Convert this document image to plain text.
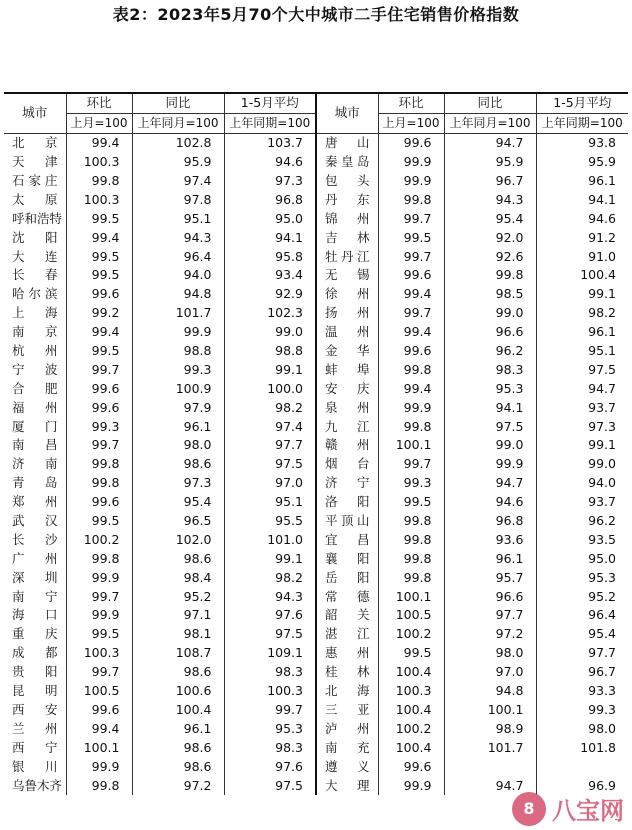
表2：2023年5月70个大中城市二手住宅销售价格指数
城市	环比	同比	1-5月平均	城市	环比	同比	1-5月平均
	上月=100	上年同月=100	上年同期=100		上月=100	上年同月=100	上年同期=100
北京	99.4	102.8	103.7	唐山	99.6	94.7	93.8
天津	100.3	95.9	94.6	秦皇岛	99.9	95.9	95.9
石家庄	99.8	97.4	97.3	包头	99.9	96.7	96.1
太原	100.3	97.8	96.8	丹东	99.8	94.3	94.1
呼和浩特	99.5	95.1	95.0	锦州	99.7	95.4	94.6
沈阳	99.4	94.3	94.1	吉林	99.5	92.0	91.2
大连	99.5	96.4	95.8	牡丹江	99.7	92.6	91.0
长春	99.5	94.0	93.4	无锡	99.6	99.8	100.4
哈尔滨	99.6	94.8	92.9	徐州	99.4	98.5	99.1
上海	99.2	101.7	102.3	扬州	99.7	99.0	98.2
南京	99.4	99.9	99.0	温州	99.4	96.6	96.1
杭州	99.5	98.8	98.8	金华	99.6	96.2	95.1
宁波	99.7	99.3	99.1	蚌埠	99.8	98.3	97.5
合肥	99.6	100.9	100.0	安庆	99.4	95.3	94.7
福州	99.6	97.9	98.2	泉州	99.9	94.1	93.7
厦门	99.3	96.1	97.4	九江	99.8	97.5	97.3
南昌	99.7	98.0	97.7	赣州	100.1	99.0	99.1
济南	99.8	98.6	97.5	烟台	99.7	99.9	99.0
青岛	99.8	97.3	97.0	济宁	99.3	94.7	94.0
郑州	99.6	95.4	95.1	洛阳	99.5	94.6	93.7
武汉	99.5	96.5	95.5	平顶山	99.8	96.8	96.2
长沙	100.2	102.0	101.0	宜昌	99.8	93.6	93.5
广州	99.8	98.6	99.1	襄阳	99.8	96.1	95.0
深圳	99.9	98.4	98.2	岳阳	99.8	95.7	95.3
南宁	99.7	95.2	94.3	常德	100.1	96.6	95.2
海口	99.9	97.1	97.6	韶关	100.5	97.7	96.4
重庆	99.5	98.1	97.5	湛江	100.2	97.2	95.4
成都	100.3	108.7	109.1	惠州	99.5	98.0	97.7
贵阳	99.7	98.6	98.3	桂林	100.4	97.0	96.7
昆明	100.5	100.6	100.3	北海	100.3	94.8	93.3
西安	99.6	100.4	99.7	三亚	100.4	100.1	99.3
兰州	99.4	96.1	95.3	泸州	100.2	98.9	98.0
西宁	100.1	98.6	98.3	南充	100.4	101.7	101.8
银川	99.9	98.6	97.6	遵义	99.6		
乌鲁木齐	99.8	97.2	97.5	大理	99.9	94.7	96.9
8 八宝网
